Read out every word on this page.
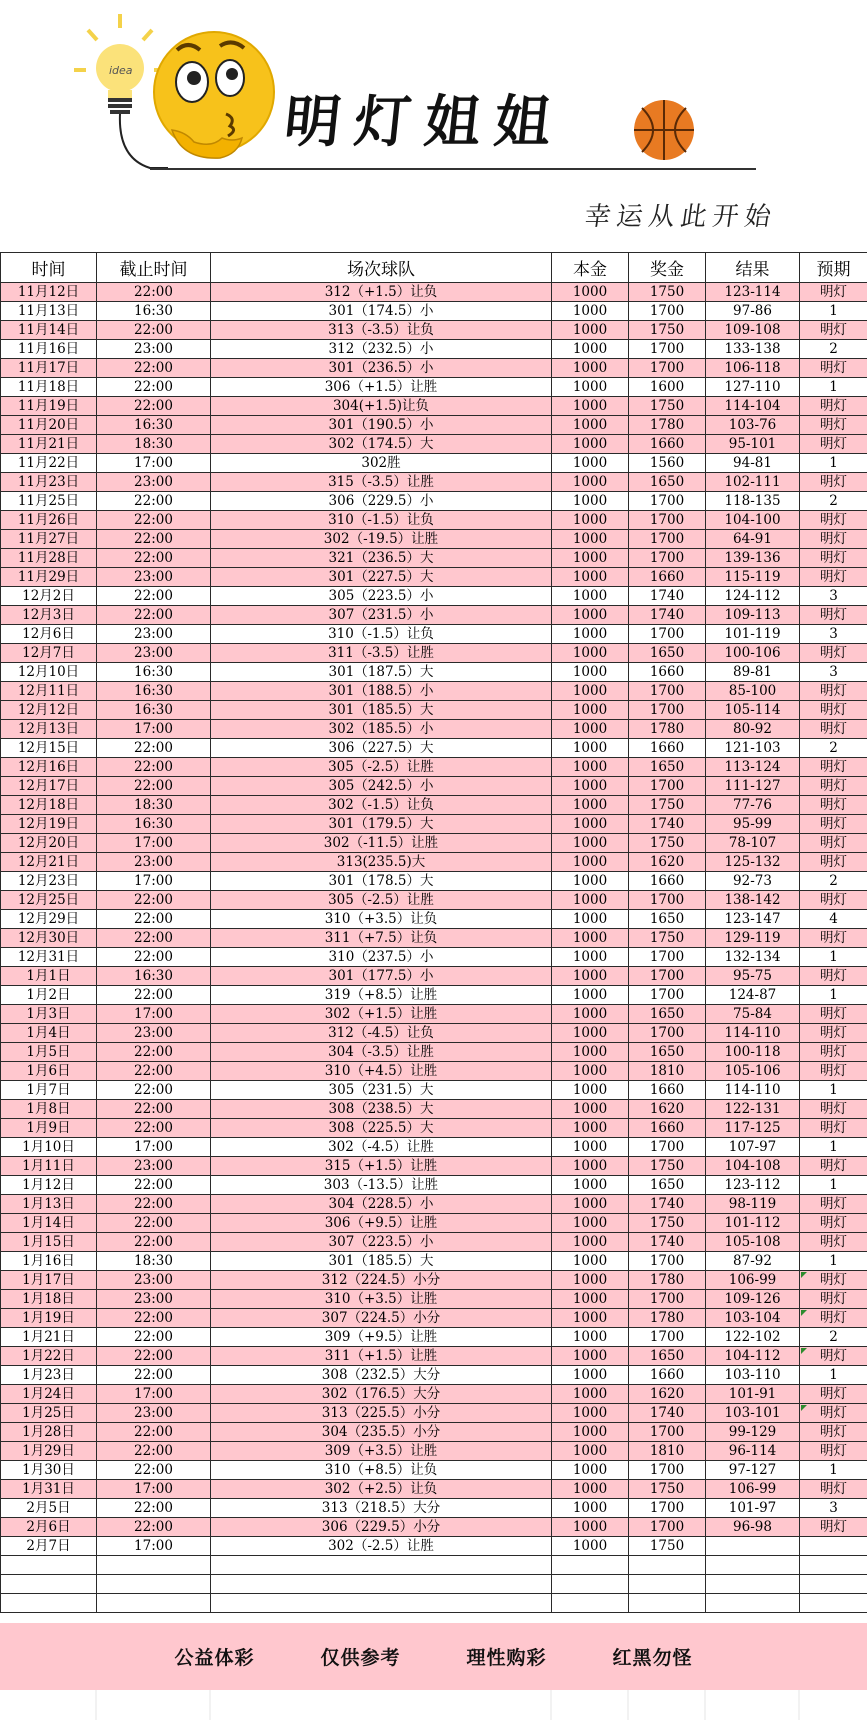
idea
明灯姐姐
幸运从此开始
时间	截止时间	场次球队	本金	奖金	结果	预期
11月12日	22:00	312（+1.5）让负	1000	1750	123-114	明灯
11月13日	16:30	301（174.5）小	1000	1700	97-86	1
11月14日	22:00	313（-3.5）让负	1000	1750	109-108	明灯
11月16日	23:00	312（232.5）小	1000	1700	133-138	2
11月17日	22:00	301（236.5）小	1000	1700	106-118	明灯
11月18日	22:00	306（+1.5）让胜	1000	1600	127-110	1
11月19日	22:00	304(+1.5)让负	1000	1750	114-104	明灯
11月20日	16:30	301（190.5）小	1000	1780	103-76	明灯
11月21日	18:30	302（174.5）大	1000	1660	95-101	明灯
11月22日	17:00	302胜	1000	1560	94-81	1
11月23日	23:00	315（-3.5）让胜	1000	1650	102-111	明灯
11月25日	22:00	306（229.5）小	1000	1700	118-135	2
11月26日	22:00	310（-1.5）让负	1000	1700	104-100	明灯
11月27日	22:00	302（-19.5）让胜	1000	1700	64-91	明灯
11月28日	22:00	321（236.5）大	1000	1700	139-136	明灯
11月29日	23:00	301（227.5）大	1000	1660	115-119	明灯
12月2日	22:00	305（223.5）小	1000	1740	124-112	3
12月3日	22:00	307（231.5）小	1000	1740	109-113	明灯
12月6日	23:00	310（-1.5）让负	1000	1700	101-119	3
12月7日	23:00	311（-3.5）让胜	1000	1650	100-106	明灯
12月10日	16:30	301（187.5）大	1000	1660	89-81	3
12月11日	16:30	301（188.5）小	1000	1700	85-100	明灯
12月12日	16:30	301（185.5）大	1000	1700	105-114	明灯
12月13日	17:00	302（185.5）小	1000	1780	80-92	明灯
12月15日	22:00	306（227.5）大	1000	1660	121-103	2
12月16日	22:00	305（-2.5）让胜	1000	1650	113-124	明灯
12月17日	22:00	305（242.5）小	1000	1700	111-127	明灯
12月18日	18:30	302（-1.5）让负	1000	1750	77-76	明灯
12月19日	16:30	301（179.5）大	1000	1740	95-99	明灯
12月20日	17:00	302（-11.5）让胜	1000	1750	78-107	明灯
12月21日	23:00	313(235.5)大	1000	1620	125-132	明灯
12月23日	17:00	301（178.5）大	1000	1660	92-73	2
12月25日	22:00	305（-2.5）让胜	1000	1700	138-142	明灯
12月29日	22:00	310（+3.5）让负	1000	1650	123-147	4
12月30日	22:00	311（+7.5）让负	1000	1750	129-119	明灯
12月31日	22:00	310（237.5）小	1000	1700	132-134	1
1月1日	16:30	301（177.5）小	1000	1700	95-75	明灯
1月2日	22:00	319（+8.5）让胜	1000	1700	124-87	1
1月3日	17:00	302（+1.5）让胜	1000	1650	75-84	明灯
1月4日	23:00	312（-4.5）让负	1000	1700	114-110	明灯
1月5日	22:00	304（-3.5）让胜	1000	1650	100-118	明灯
1月6日	22:00	310（+4.5）让胜	1000	1810	105-106	明灯
1月7日	22:00	305（231.5）大	1000	1660	114-110	1
1月8日	22:00	308（238.5）大	1000	1620	122-131	明灯
1月9日	22:00	308（225.5）大	1000	1660	117-125	明灯
1月10日	17:00	302（-4.5）让胜	1000	1700	107-97	1
1月11日	23:00	315（+1.5）让胜	1000	1750	104-108	明灯
1月12日	22:00	303（-13.5）让胜	1000	1650	123-112	1
1月13日	22:00	304（228.5）小	1000	1740	98-119	明灯
1月14日	22:00	306（+9.5）让胜	1000	1750	101-112	明灯
1月15日	22:00	307（223.5）小	1000	1740	105-108	明灯
1月16日	18:30	301（185.5）大	1000	1700	87-92	1
1月17日	23:00	312（224.5）小分	1000	1780	106-99	明灯
1月18日	23:00	310（+3.5）让胜	1000	1700	109-126	明灯
1月19日	22:00	307（224.5）小分	1000	1780	103-104	明灯
1月21日	22:00	309（+9.5）让胜	1000	1700	122-102	2
1月22日	22:00	311（+1.5）让胜	1000	1650	104-112	明灯
1月23日	22:00	308（232.5）大分	1000	1660	103-110	1
1月24日	17:00	302（176.5）大分	1000	1620	101-91	明灯
1月25日	23:00	313（225.5）小分	1000	1740	103-101	明灯
1月28日	22:00	304（235.5）小分	1000	1700	99-129	明灯
1月29日	22:00	309（+3.5）让胜	1000	1810	96-114	明灯
1月30日	22:00	310（+8.5）让负	1000	1700	97-127	1
1月31日	17:00	302（+2.5）让负	1000	1750	106-99	明灯
2月5日	22:00	313（218.5）大分	1000	1700	101-97	3
2月6日	22:00	306（229.5）小分	1000	1700	96-98	明灯
2月7日	17:00	302（-2.5）让胜	1000	1750		

公益体彩	仅供参考	理性购彩	红黑勿怪
